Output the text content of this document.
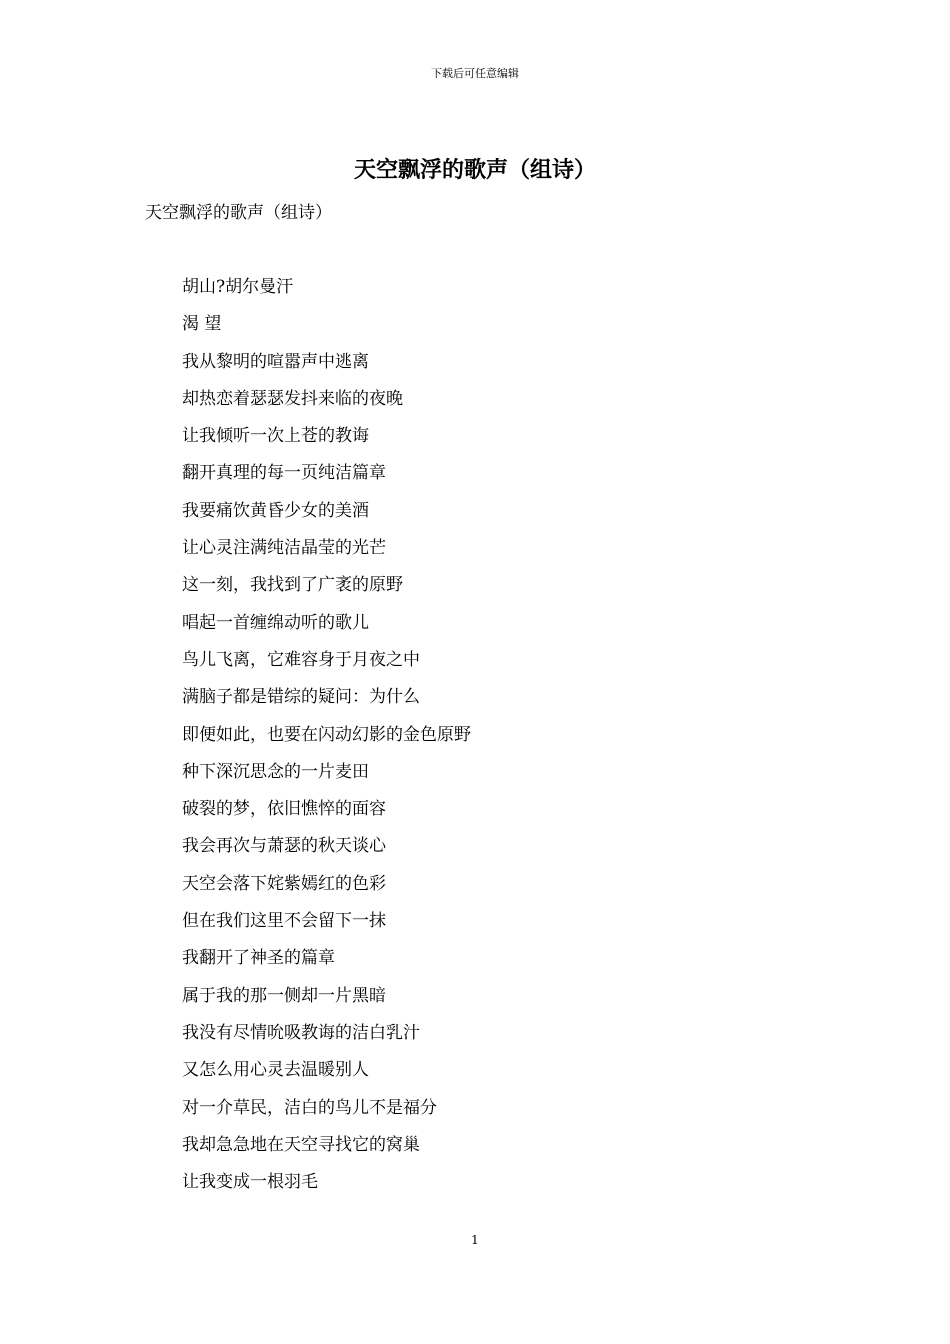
下载后可任意编辑
天空飘浮的歌声（组诗）
天空飘浮的歌声（组诗）
胡山?胡尔曼汗
渴 望
我从黎明的喧嚣声中逃离
却热恋着瑟瑟发抖来临的夜晚
让我倾听一次上苍的教诲
翻开真理的每一页纯洁篇章
我要痛饮黄昏少女的美酒
让心灵注满纯洁晶莹的光芒
这一刻，我找到了广袤的原野
唱起一首缠绵动听的歌儿
鸟儿飞离，它难容身于月夜之中
满脑子都是错综的疑问：为什么
即便如此，也要在闪动幻影的金色原野
种下深沉思念的一片麦田
破裂的梦，依旧憔悴的面容
我会再次与萧瑟的秋天谈心
天空会落下姹紫嫣红的色彩
但在我们这里不会留下一抹
我翻开了神圣的篇章
属于我的那一侧却一片黑暗
我没有尽情吮吸教诲的洁白乳汁
又怎么用心灵去温暖别人
对一介草民，洁白的鸟儿不是福分
我却急急地在天空寻找它的窝巢
让我变成一根羽毛
1
